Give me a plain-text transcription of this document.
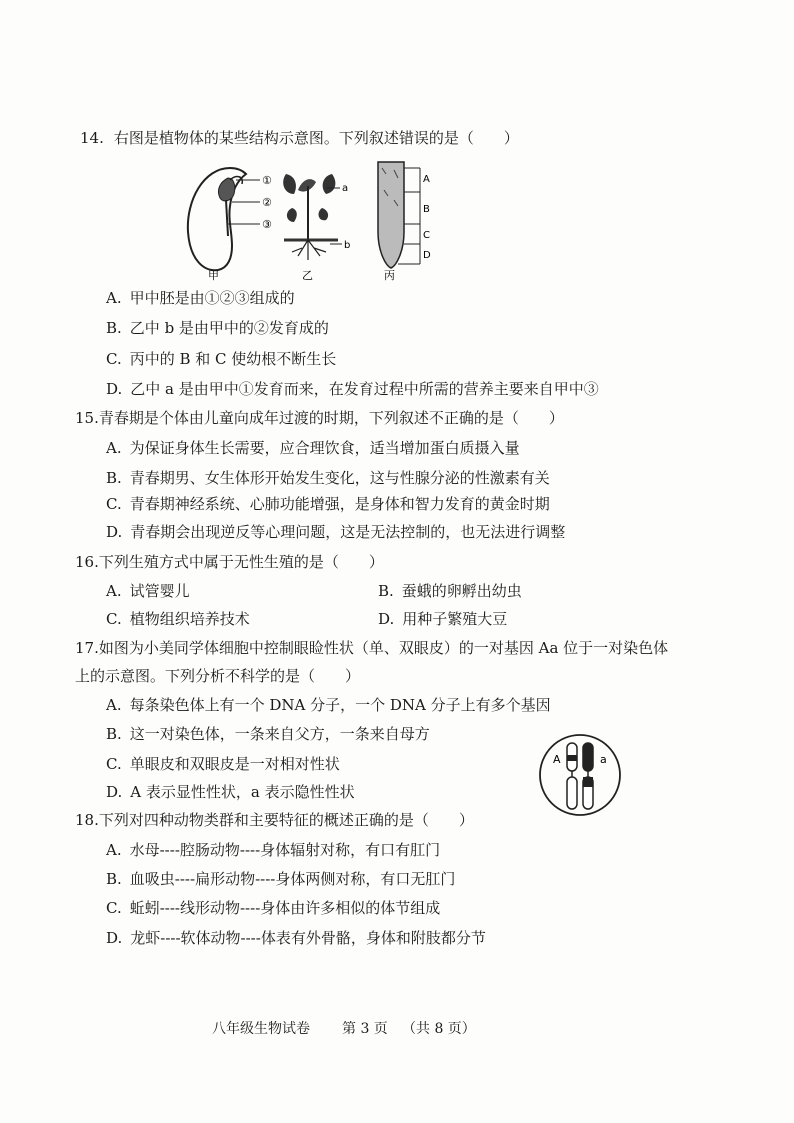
14. 右图是植物体的某些结构示意图。下列叙述错误的是（　　）
①
②
③
甲
a
b
乙
A
B
C
D
丙
A. 甲中胚是由①②③组成的
B. 乙中 b 是由甲中的②发育成的
C. 丙中的 B 和 C 使幼根不断生长
D. 乙中 a 是由甲中①发育而来，在发育过程中所需的营养主要来自甲中③
15.青春期是个体由儿童向成年过渡的时期，下列叙述不正确的是（　　）
A. 为保证身体生长需要，应合理饮食，适当增加蛋白质摄入量
B. 青春期男、女生体形开始发生变化，这与性腺分泌的性激素有关
C. 青春期神经系统、心肺功能增强，是身体和智力发育的黄金时期
D. 青春期会出现逆反等心理问题，这是无法控制的，也无法进行调整
16.下列生殖方式中属于无性生殖的是（　　）
A. 试管婴儿	B. 蚕蛾的卵孵出幼虫
C. 植物组织培养技术	D. 用种子繁殖大豆
17.如图为小美同学体细胞中控制眼睑性状（单、双眼皮）的一对基因 Aa 位于一对染色体
上的示意图。下列分析不科学的是（　　）
A. 每条染色体上有一个 DNA 分子，一个 DNA 分子上有多个基因
B. 这一对染色体，一条来自父方，一条来自母方
C. 单眼皮和双眼皮是一对相对性状
D. A 表示显性性状，a 表示隐性性状
A	a
18.下列对四种动物类群和主要特征的概述正确的是（　　）
A. 水母----腔肠动物----身体辐射对称，有口有肛门
B. 血吸虫----扁形动物----身体两侧对称，有口无肛门
C. 蚯蚓----线形动物----身体由许多相似的体节组成
D. 龙虾----软体动物----体表有外骨骼，身体和附肢都分节
八年级生物试卷 第 3 页 （共 8 页）
